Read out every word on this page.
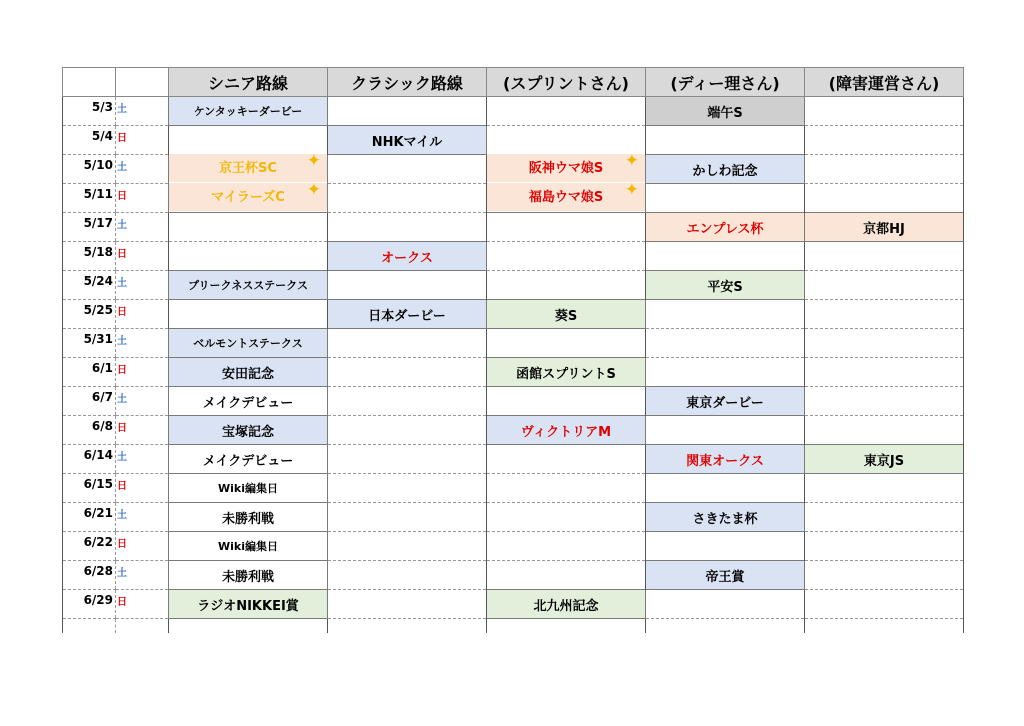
		シニア路線	クラシック路線	(スプリントさん)	(ディー理さん)	(障害運営さん)
5/3	土	ケンタッキーダービー			端午S	
5/4	日		NHKマイル			
5/10	土	京王杯SC ✦		阪神ウマ娘S ✦	かしわ記念	
5/11	日	マイラーズC ✦		福島ウマ娘S ✦		

5/17	土				エンプレス杯	京都HJ
5/18	日		オークス			
5/24	土	プリークネスステークス			平安S	
5/25	日		日本ダービー	葵S		
5/31	土	ベルモントステークス				
6/1	日	安田記念		函館スプリントS		
6/7	土	メイクデビュー			東京ダービー	
6/8	日	宝塚記念		ヴィクトリアM		
6/14	土	メイクデビュー			関東オークス	東京JS
6/15	日	Wiki編集日				
6/21	土	未勝利戦			さきたま杯	
6/22	日	Wiki編集日				
6/28	土	未勝利戦			帝王賞	
6/29	日	ラジオNIKKEI賞		北九州記念		
